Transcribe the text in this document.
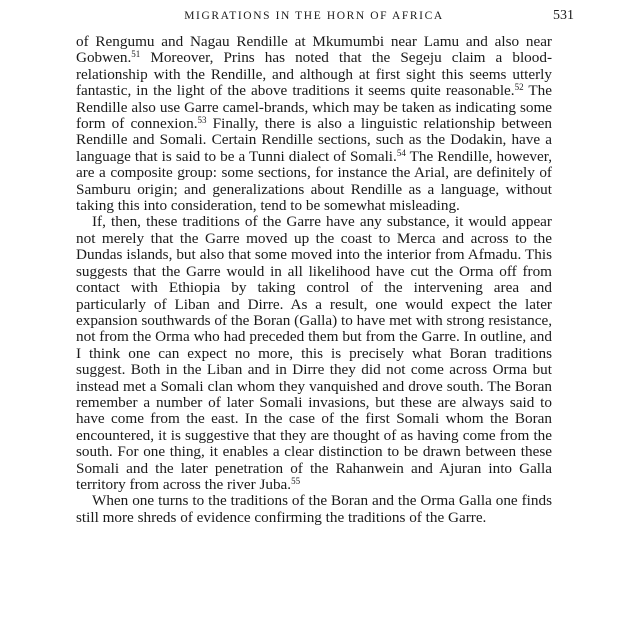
MIGRATIONS IN THE HORN OF AFRICA	531

of Rengumu and Nagau Rendille at Mkumumbi near Lamu and also near Gobwen.$^{51}$ Moreover, Prins has noted that the Segeju claim a blood-relationship with the Rendille, and although at first sight this seems utterly fantastic, in the light of the above traditions it seems quite reasonable.$^{52}$ The Rendille also use Garre camel-brands, which may be taken as indicating some form of connexion.$^{53}$ Finally, there is also a linguistic relationship between Rendille and Somali. Certain Rendille sections, such as the Dodakin, have a language that is said to be a Tunni dialect of Somali.$^{54}$ The Rendille, however, are a composite group: some sections, for instance the Arial, are definitely of Samburu origin; and generalizations about Rendille as a language, without taking this into consideration, tend to be somewhat misleading.

If, then, these traditions of the Garre have any substance, it would appear not merely that the Garre moved up the coast to Merca and across to the Dundas islands, but also that some moved into the interior from Afmadu. This suggests that the Garre would in all likelihood have cut the Orma off from contact with Ethiopia by taking control of the intervening area and particularly of Liban and Dirre. As a result, one would expect the later expansion southwards of the Boran (Galla) to have met with strong resistance, not from the Orma who had preceded them but from the Garre. In outline, and I think one can expect no more, this is precisely what Boran traditions suggest. Both in the Liban and in Dirre they did not come across Orma but instead met a Somali clan whom they vanquished and drove south. The Boran remember a number of later Somali invasions, but these are always said to have come from the east. In the case of the first Somali whom the Boran encountered, it is suggestive that they are thought of as having come from the south. For one thing, it enables a clear distinction to be drawn between these Somali and the later penetration of the Rahanwein and Ajuran into Galla territory from across the river Juba.$^{55}$

When one turns to the traditions of the Boran and the Orma Galla one finds still more shreds of evidence confirming the traditions of the Garre.
